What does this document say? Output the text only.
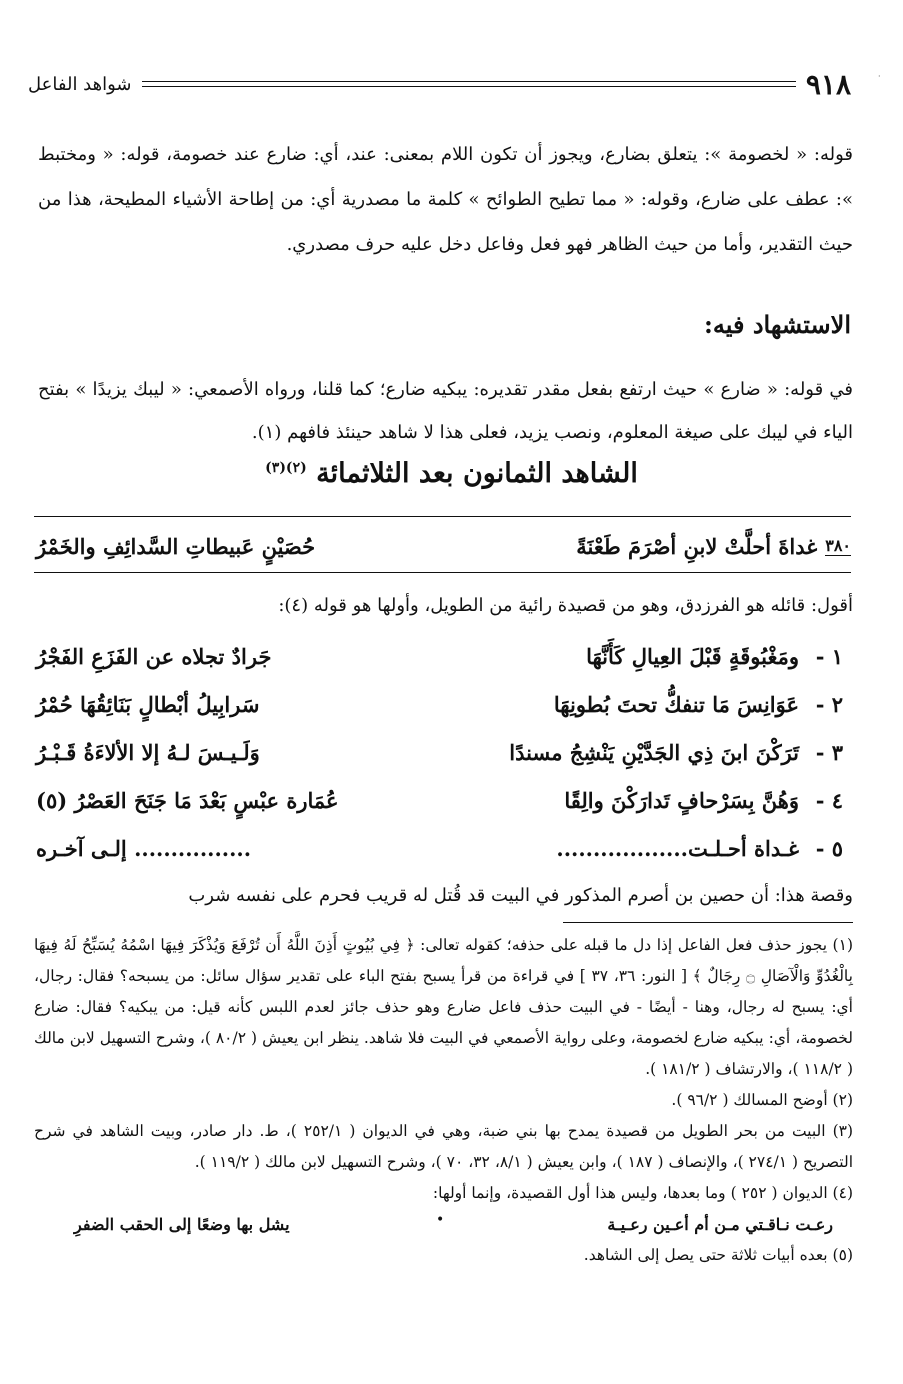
·
٩١٨
شواهد الفاعل

قوله: « لخصومة »: يتعلق بضارع، ويجوز أن تكون اللام بمعنى: عند، أي: ضارع عند خصومة، قوله: « ومختبط »: عطف على ضارع، وقوله: « مما تطيح الطوائح » كلمة ما مصدرية أي: من إطاحة الأشياء المطيحة، هذا من حيث التقدير، وأما من حيث الظاهر فهو فعل وفاعل دخل عليه حرف مصدري.

الاستشهاد فيه:

في قوله: « ضارع » حيث ارتفع بفعل مقدر تقديره: يبكيه ضارع؛ كما قلنا، ورواه الأصمعي: « ليبك يزيدًا » بفتح الياء في ليبك على صيغة المعلوم، ونصب يزيد، فعلى هذا لا شاهد حينئذ فافهم (١).

الشاهد الثمانون بعد الثلاثمائة $^{(٢)(٣)}$
٣٨٠
غداةَ أحلَّتْ لابنِ أصْرَمَ طَعْنَةً
حُصَيْنٍ عَبيطاتِ السَّدائِفِ والخَمْرُ

أقول: قائله هو الفرزدق، وهو من قصيدة رائية من الطويل، وأولها هو قوله (٤):

١ -
ومَغْبُوقَةٍ قَبْلَ العِيالِ كَأَنَّهَا
جَرادٌ تجلاه عن الفَزَعِ الفَجْرُ
٢ -
عَوَانِسَ مَا تنفكُّ تحتَ بُطونِهَا
سَرابِيلُ أبْطالٍ بَنَائِقُهَا حُمْرُ
٣ -
تَرَكْنَ ابنَ ذِي الجَدَّيْنِ يَنْشِجُ مسندًا
وَلَـيـسَ لـهُ إلا الألاءَةُ قَـبْـرُ
٤ -
وَهُنَّ بِسَرْحافٍ تَدارَكْنَ والِقًا
عُمَارة عبْسٍ بَعْدَ مَا جَنَحَ العَصْرُ (٥)
٥ -
غـداة أحـلـت..................
................ إلـى آخـره

وقصة هذا: أن حصين بن أصرم المذكور في البيت قد قُتل له قريب فحرم على نفسه شرب

(١) يجوز حذف فعل الفاعل إذا دل ما قبله على حذفه؛ كقوله تعالى: ﴿ فِي بُيُوتٍ أَذِنَ اللَّهُ أَن تُرْفَعَ وَيُذْكَرَ فِيهَا اسْمُهُ يُسَبِّحُ لَهُ فِيهَا بِالْغُدُوِّ وَالْآصَالِ ۝ رِجَالٌ ﴾ [ النور: ٣٦، ٣٧ ] في قراءة من قرأ يسبح بفتح الباء على تقدير سؤال سائل: من يسبحه؟ فقال: رجال، أي: يسبح له رجال، وهنا - أيضًا - في البيت حذف فاعل ضارع وهو حذف جائز لعدم اللبس كأنه قيل: من يبكيه؟ فقال: ضارع لخصومة، أي: يبكيه ضارع لخصومة، وعلى رواية الأصمعي في البيت فلا شاهد. ينظر ابن يعيش ( ٨٠/٢ )، وشرح التسهيل لابن مالك ( ١١٨/٢ )، والارتشاف ( ١٨١/٢ ).

(٢) أوضح المسالك ( ٩٦/٢ ).

(٣) البيت من بحر الطويل من قصيدة يمدح بها بني ضبة، وهي في الديوان ( ٢٥٢/١ )، ط. دار صادر، وبيت الشاهد في شرح التصريح ( ٢٧٤/١ )، والإنصاف ( ١٨٧ )، وابن يعيش ( ٨/١، ٣٢، ٧٠ )، وشرح التسهيل لابن مالك ( ١١٩/٢ ).

(٤) الديوان ( ٢٥٢ ) وما بعدها، وليس هذا أول القصيدة، وإنما أولها:

رعـت نـاقـتي مـن أم أعـين رعـيـة
يشل بها وضعًا إلى الحقب الضفرِ

(٥) بعده أبيات ثلاثة حتى يصل إلى الشاهد.

•
